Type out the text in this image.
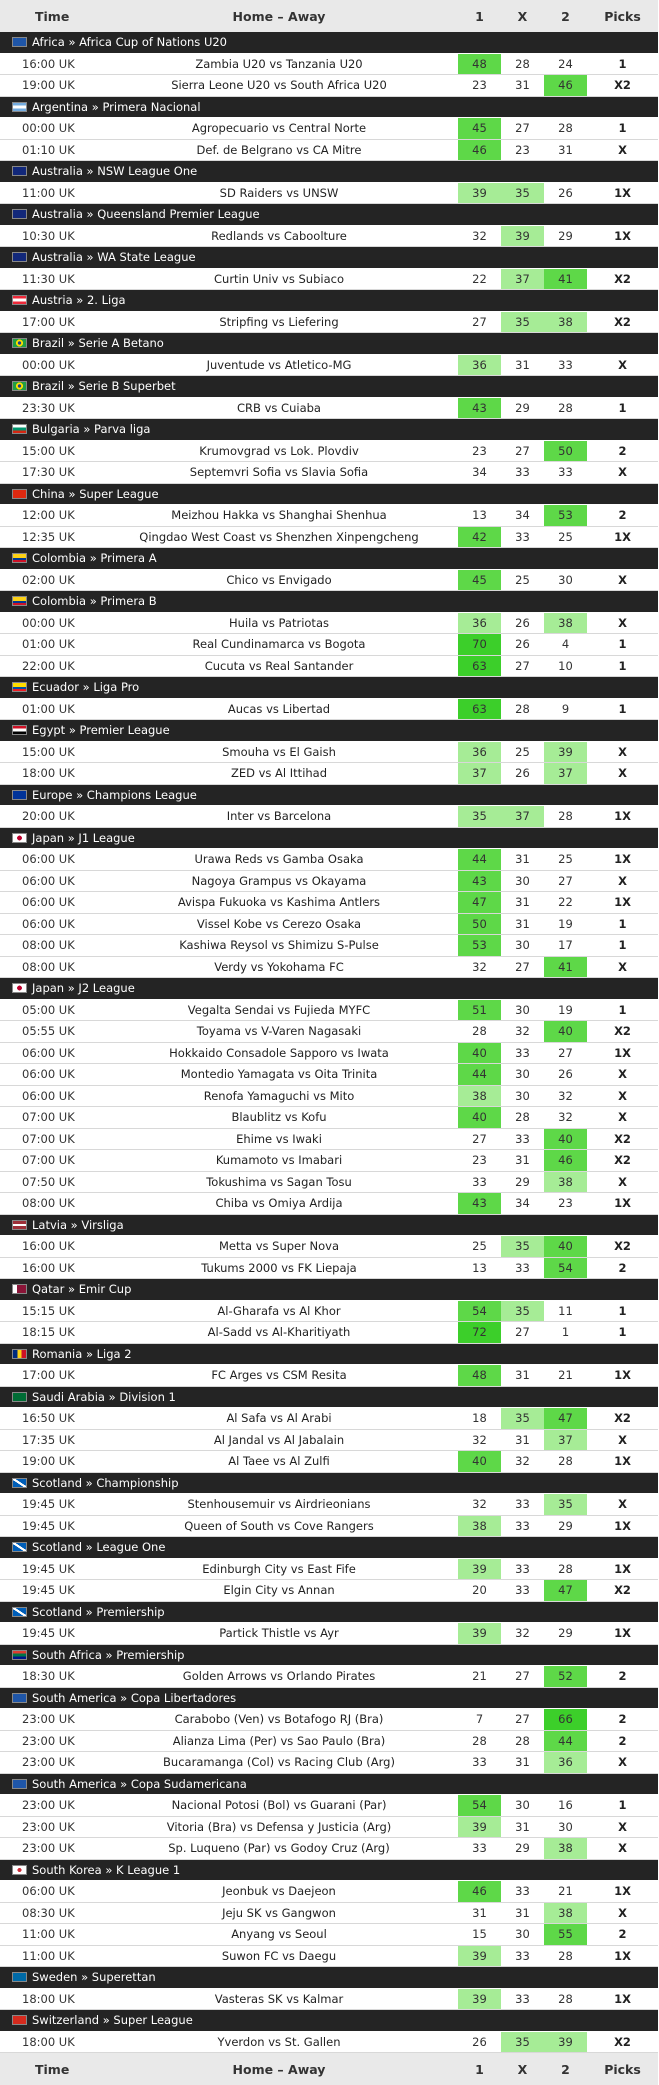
Time	Home – Away	1	X	2	Picks
Africa » Africa Cup of Nations U20
16:00 UK	Zambia U20 vs Tanzania U20	48	28	24	1
19:00 UK	Sierra Leone U20 vs South Africa U20	23	31	46	X2
Argentina » Primera Nacional
00:00 UK	Agropecuario vs Central Norte	45	27	28	1
01:10 UK	Def. de Belgrano vs CA Mitre	46	23	31	X
Australia » NSW League One
11:00 UK	SD Raiders vs UNSW	39	35	26	1X
Australia » Queensland Premier League
10:30 UK	Redlands vs Caboolture	32	39	29	1X
Australia » WA State League
11:30 UK	Curtin Univ vs Subiaco	22	37	41	X2
Austria » 2. Liga
17:00 UK	Stripfing vs Liefering	27	35	38	X2
Brazil » Serie A Betano
00:00 UK	Juventude vs Atletico-MG	36	31	33	X
Brazil » Serie B Superbet
23:30 UK	CRB vs Cuiaba	43	29	28	1
Bulgaria » Parva liga
15:00 UK	Krumovgrad vs Lok. Plovdiv	23	27	50	2
17:30 UK	Septemvri Sofia vs Slavia Sofia	34	33	33	X
China » Super League
12:00 UK	Meizhou Hakka vs Shanghai Shenhua	13	34	53	2
12:35 UK	Qingdao West Coast vs Shenzhen Xinpengcheng	42	33	25	1X
Colombia » Primera A
02:00 UK	Chico vs Envigado	45	25	30	X
Colombia » Primera B
00:00 UK	Huila vs Patriotas	36	26	38	X
01:00 UK	Real Cundinamarca vs Bogota	70	26	4	1
22:00 UK	Cucuta vs Real Santander	63	27	10	1
Ecuador » Liga Pro
01:00 UK	Aucas vs Libertad	63	28	9	1
Egypt » Premier League
15:00 UK	Smouha vs El Gaish	36	25	39	X
18:00 UK	ZED vs Al Ittihad	37	26	37	X
Europe » Champions League
20:00 UK	Inter vs Barcelona	35	37	28	1X
Japan » J1 League
06:00 UK	Urawa Reds vs Gamba Osaka	44	31	25	1X
06:00 UK	Nagoya Grampus vs Okayama	43	30	27	X
06:00 UK	Avispa Fukuoka vs Kashima Antlers	47	31	22	1X
06:00 UK	Vissel Kobe vs Cerezo Osaka	50	31	19	1
08:00 UK	Kashiwa Reysol vs Shimizu S-Pulse	53	30	17	1
08:00 UK	Verdy vs Yokohama FC	32	27	41	X
Japan » J2 League
05:00 UK	Vegalta Sendai vs Fujieda MYFC	51	30	19	1
05:55 UK	Toyama vs V-Varen Nagasaki	28	32	40	X2
06:00 UK	Hokkaido Consadole Sapporo vs Iwata	40	33	27	1X
06:00 UK	Montedio Yamagata vs Oita Trinita	44	30	26	X
06:00 UK	Renofa Yamaguchi vs Mito	38	30	32	X
07:00 UK	Blaublitz vs Kofu	40	28	32	X
07:00 UK	Ehime vs Iwaki	27	33	40	X2
07:00 UK	Kumamoto vs Imabari	23	31	46	X2
07:50 UK	Tokushima vs Sagan Tosu	33	29	38	X
08:00 UK	Chiba vs Omiya Ardija	43	34	23	1X
Latvia » Virsliga
16:00 UK	Metta vs Super Nova	25	35	40	X2
16:00 UK	Tukums 2000 vs FK Liepaja	13	33	54	2
Qatar » Emir Cup
15:15 UK	Al-Gharafa vs Al Khor	54	35	11	1
18:15 UK	Al-Sadd vs Al-Kharitiyath	72	27	1	1
Romania » Liga 2
17:00 UK	FC Arges vs CSM Resita	48	31	21	1X
Saudi Arabia » Division 1
16:50 UK	Al Safa vs Al Arabi	18	35	47	X2
17:35 UK	Al Jandal vs Al Jabalain	32	31	37	X
19:00 UK	Al Taee vs Al Zulfi	40	32	28	1X
Scotland » Championship
19:45 UK	Stenhousemuir vs Airdrieonians	32	33	35	X
19:45 UK	Queen of South vs Cove Rangers	38	33	29	1X
Scotland » League One
19:45 UK	Edinburgh City vs East Fife	39	33	28	1X
19:45 UK	Elgin City vs Annan	20	33	47	X2
Scotland » Premiership
19:45 UK	Partick Thistle vs Ayr	39	32	29	1X
South Africa » Premiership
18:30 UK	Golden Arrows vs Orlando Pirates	21	27	52	2
South America » Copa Libertadores
23:00 UK	Carabobo (Ven) vs Botafogo RJ (Bra)	7	27	66	2
23:00 UK	Alianza Lima (Per) vs Sao Paulo (Bra)	28	28	44	2
23:00 UK	Bucaramanga (Col) vs Racing Club (Arg)	33	31	36	X
South America » Copa Sudamericana
23:00 UK	Nacional Potosi (Bol) vs Guarani (Par)	54	30	16	1
23:00 UK	Vitoria (Bra) vs Defensa y Justicia (Arg)	39	31	30	X
23:00 UK	Sp. Luqueno (Par) vs Godoy Cruz (Arg)	33	29	38	X
South Korea » K League 1
06:00 UK	Jeonbuk vs Daejeon	46	33	21	1X
08:30 UK	Jeju SK vs Gangwon	31	31	38	X
11:00 UK	Anyang vs Seoul	15	30	55	2
11:00 UK	Suwon FC vs Daegu	39	33	28	1X
Sweden » Superettan
18:00 UK	Vasteras SK vs Kalmar	39	33	28	1X
Switzerland » Super League
18:00 UK	Yverdon vs St. Gallen	26	35	39	X2
Time	Home – Away	1	X	2	Picks
